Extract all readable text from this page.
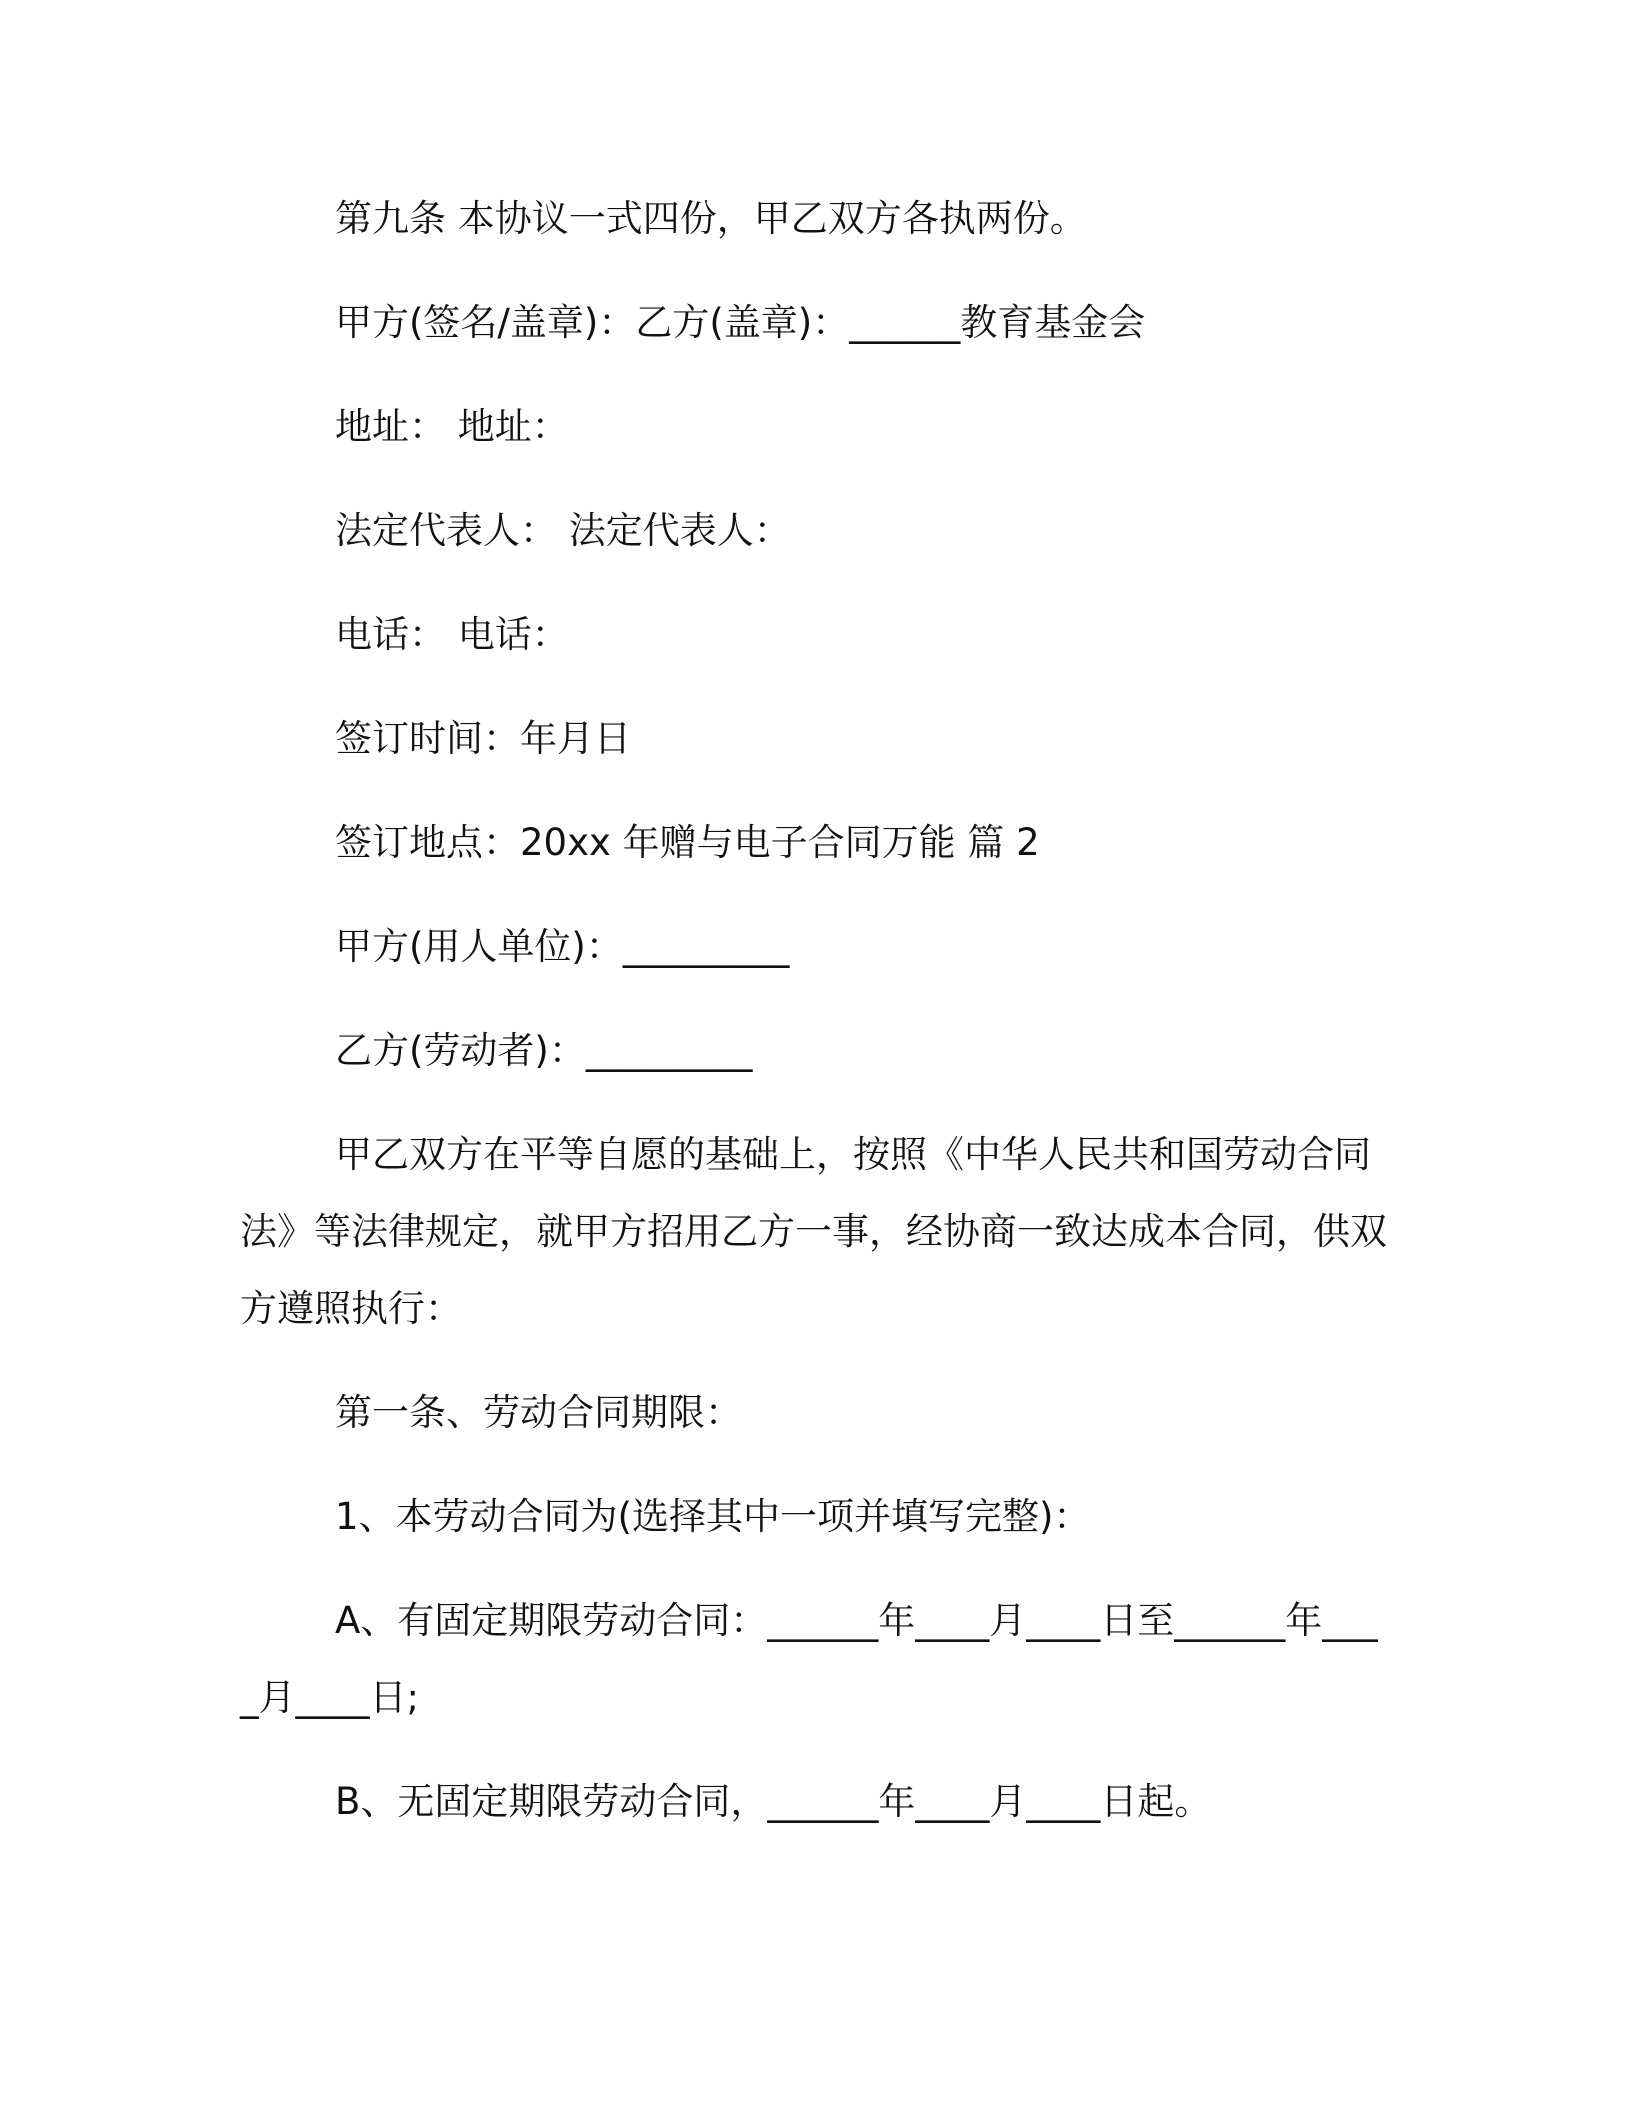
第九条 本协议一式四份，甲乙双方各执两份。

甲方(签名/盖章)：乙方(盖章)：______教育基金会

地址： 地址：

法定代表人： 法定代表人：

电话： 电话：

签订时间：年月日

签订地点：20xx 年赠与电子合同万能 篇 2

甲方(用人单位)：_________

乙方(劳动者)：_________

甲乙双方在平等自愿的基础上，按照《中华人民共和国劳动合同法》等法律规定，就甲方招用乙方一事，经协商一致达成本合同，供双方遵照执行：

第一条、劳动合同期限：

1、本劳动合同为(选择其中一项并填写完整)：

A、有固定期限劳动合同：______年____月____日至______年____月____日;

B、无固定期限劳动合同，______年____月____日起。
